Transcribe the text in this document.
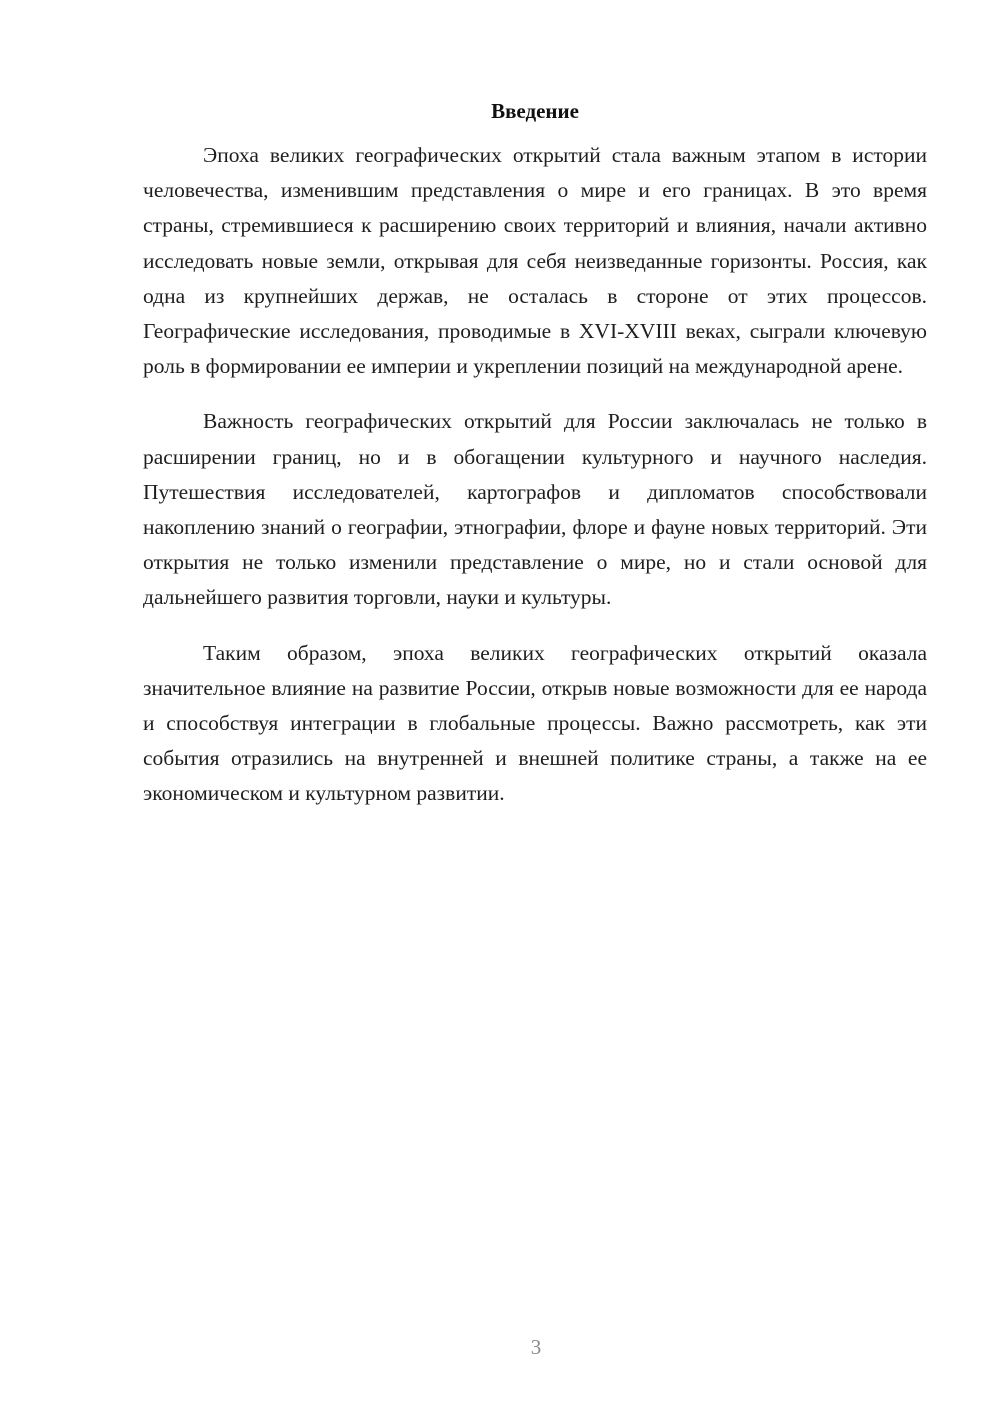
Введение

Эпоха великих географических открытий стала важным этапом в истории человечества, изменившим представления о мире и его границах. В это время страны, стремившиеся к расширению своих территорий и влияния, начали активно исследовать новые земли, открывая для себя неизведанные горизонты. Россия, как одна из крупнейших держав, не осталась в стороне от этих процессов. Географические исследования, проводимые в XVI-XVIII веках, сыграли ключевую роль в формировании ее империи и укреплении позиций на международной арене.

Важность географических открытий для России заключалась не только в расширении границ, но и в обогащении культурного и научного наследия. Путешествия исследователей, картографов и дипломатов способствовали накоплению знаний о географии, этнографии, флоре и фауне новых территорий. Эти открытия не только изменили представление о мире, но и стали основой для дальнейшего развития торговли, науки и культуры.

Таким образом, эпоха великих географических открытий оказала значительное влияние на развитие России, открыв новые возможности для ее народа и способствуя интеграции в глобальные процессы. Важно рассмотреть, как эти события отразились на внутренней и внешней политике страны, а также на ее экономическом и культурном развитии.

3
